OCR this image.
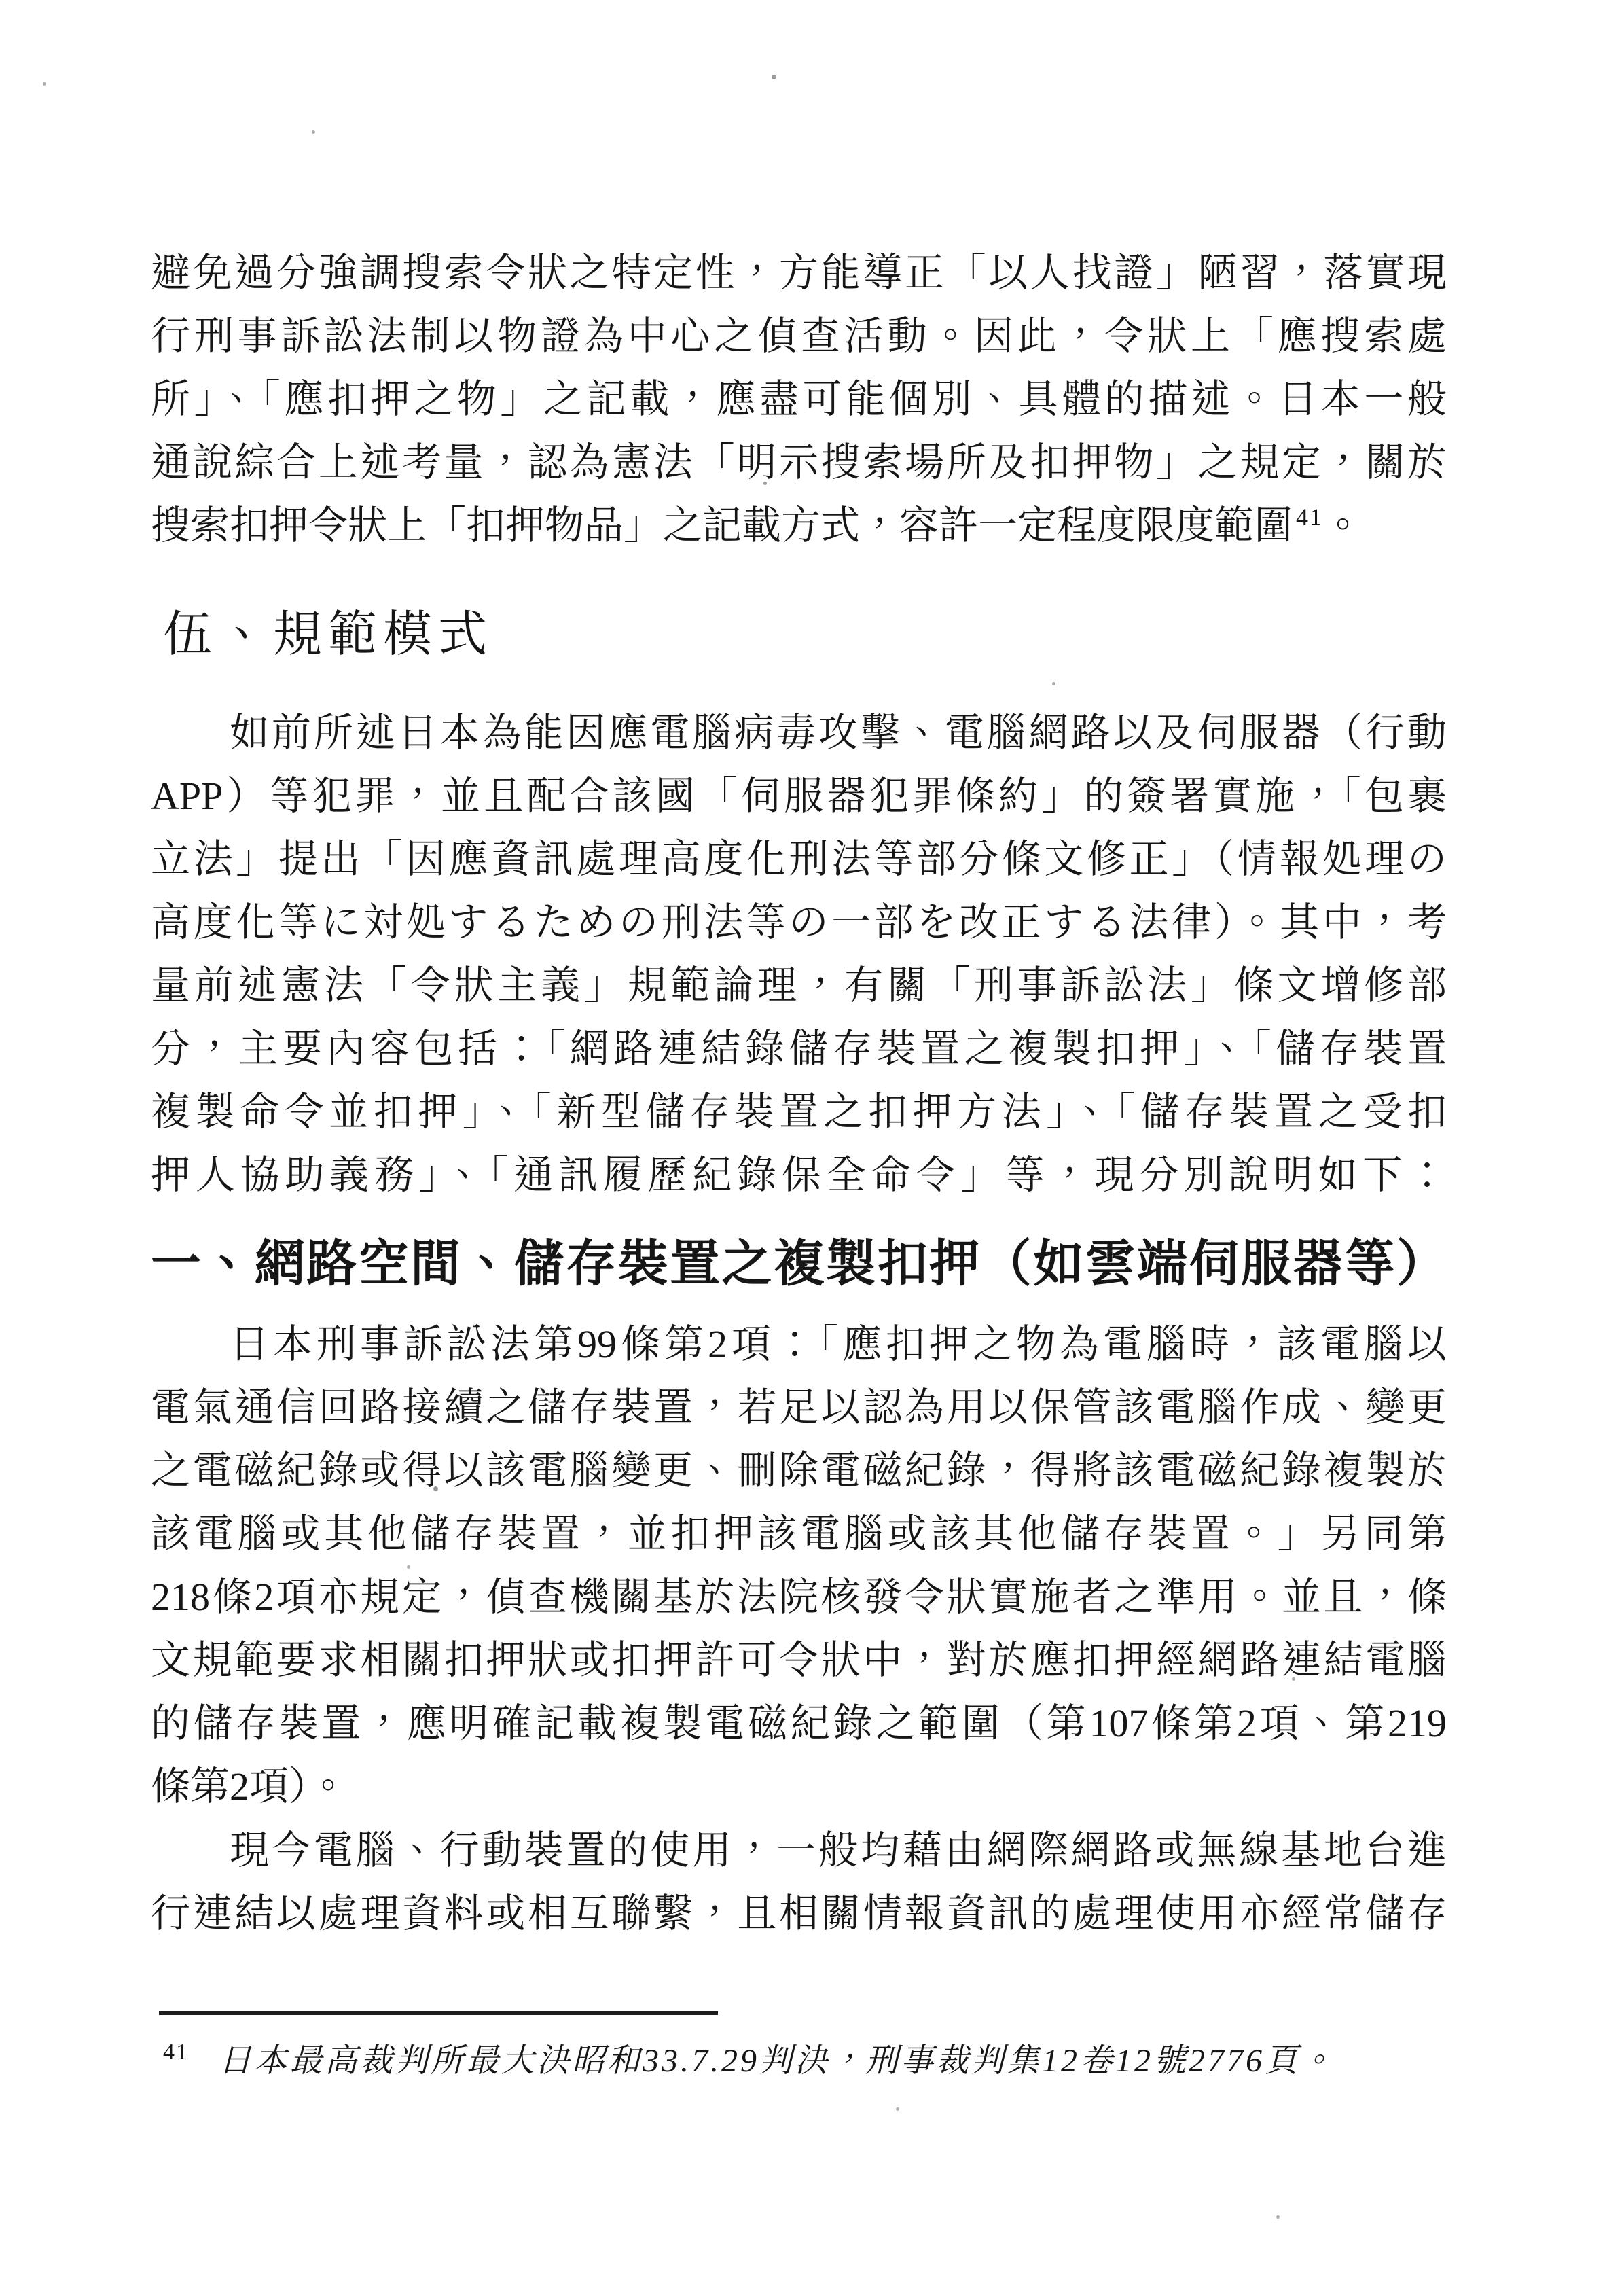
避免過分強調搜索令狀之特定性，方能導正「以人找證」陋習，落實現
行刑事訴訟法制以物證為中心之偵查活動。因此，令狀上「應搜索處
所」、「應扣押之物」之記載，應盡可能個別、具體的描述。日本一般
通說綜合上述考量，認為憲法「明示搜索場所及扣押物」之規定，關於
搜索扣押令狀上「扣押物品」之記載方式，容許一定程度限度範圍 $^{41}$。
伍、規範模式
如前所述日本為能因應電腦病毒攻擊、電腦網路以及伺服器（行動
APP）等犯罪，並且配合該國「伺服器犯罪條約」的簽署實施，「包裹
立法」提出「因應資訊處理高度化刑法等部分條文修正」（情報処理の
高度化等に対処するための刑法等の一部を改正する法律）。其中，考
量前述憲法「令狀主義」規範論理，有關「刑事訴訟法」條文增修部
分，主要內容包括：「網路連結錄儲存裝置之複製扣押」、「儲存裝置
複製命令並扣押」、「新型儲存裝置之扣押方法」、「儲存裝置之受扣
押人協助義務」、「通訊履歷紀錄保全命令」等，現分別說明如下：
一、網路空間、儲存裝置之複製扣押（如雲端伺服器等）
日本刑事訴訟法第99條第2項：「應扣押之物為電腦時，該電腦以
電氣通信回路接續之儲存裝置，若足以認為用以保管該電腦作成、變更
之電磁紀錄或得以該電腦變更、刪除電磁紀錄，得將該電磁紀錄複製於
該電腦或其他儲存裝置，並扣押該電腦或該其他儲存裝置。」另同第
218條2項亦規定，偵查機關基於法院核發令狀實施者之準用。並且，條
文規範要求相關扣押狀或扣押許可令狀中，對於應扣押經網路連結電腦
的儲存裝置，應明確記載複製電磁紀錄之範圍（第107條第2項、第219
條第2項）。
現今電腦、行動裝置的使用，一般均藉由網際網路或無線基地台進
行連結以處理資料或相互聯繫，且相關情報資訊的處理使用亦經常儲存
41 日本最高裁判所最大決昭和33.7.29判決，刑事裁判集12卷12號2776頁。
